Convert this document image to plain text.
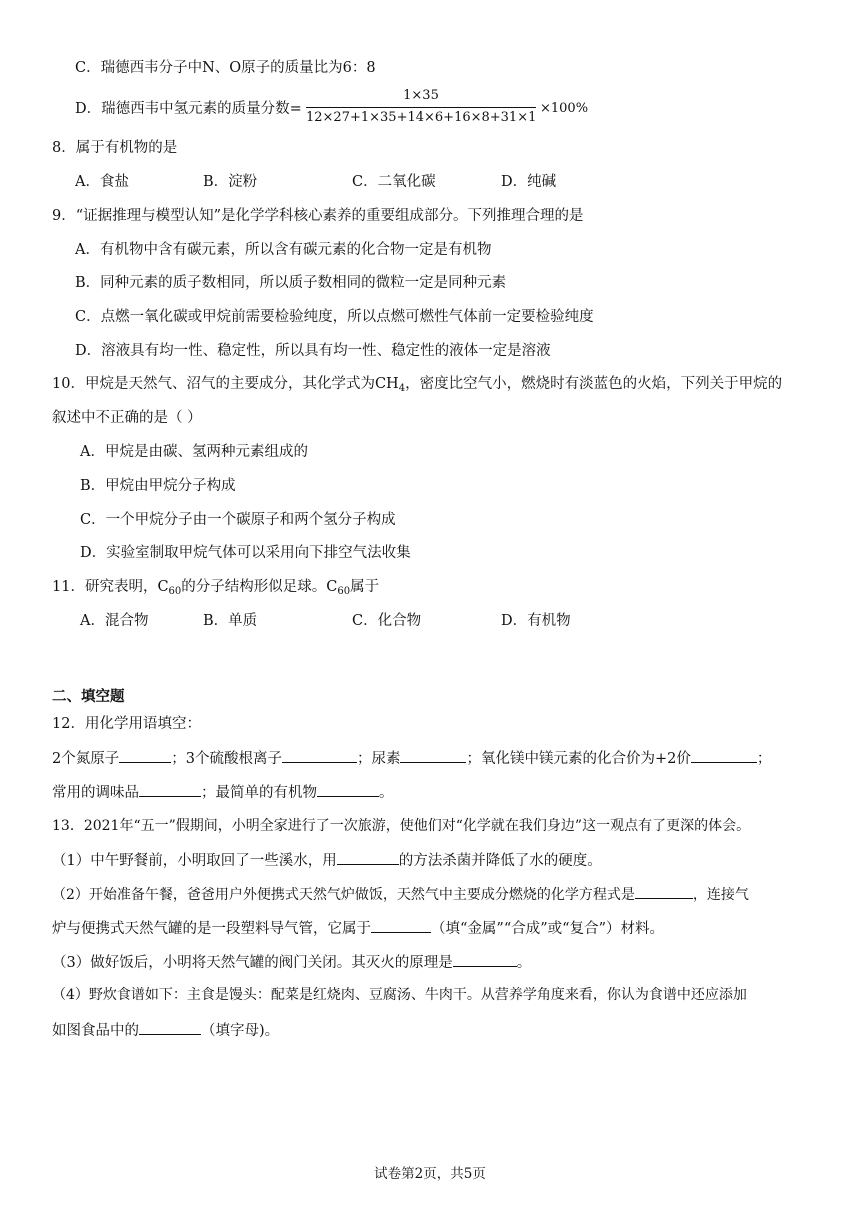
C．瑞德西韦分子中N、O原子的质量比为6：8
D．瑞德西韦中氢元素的质量分数=
1×35
12×27+1×35+14×6+16×8+31×1
×100%
8．属于有机物的是
A．食盐	B．淀粉	C．二氧化碳	D．纯碱
9．“证据推理与模型认知”是化学学科核心素养的重要组成部分。下列推理合理的是
A．有机物中含有碳元素，所以含有碳元素的化合物一定是有机物
B．同种元素的质子数相同，所以质子数相同的微粒一定是同种元素
C．点燃一氧化碳或甲烷前需要检验纯度，所以点燃可燃性气体前一定要检验纯度
D．溶液具有均一性、稳定性，所以具有均一性、稳定性的液体一定是溶液
10．甲烷是天然气、沼气的主要成分，其化学式为$CH_4$，密度比空气小，燃烧时有淡蓝色的火焰，下列关于甲烷的
叙述中不正确的是（ ）
A．甲烷是由碳、氢两种元素组成的
B．甲烷由甲烷分子构成
C．一个甲烷分子由一个碳原子和两个氢分子构成
D．实验室制取甲烷气体可以采用向下排空气法收集
11．研究表明，$C_{60}$的分子结构形似足球。$C_{60}$属于
A．混合物	B．单质	C．化合物	D．有机物
二、填空题
12．用化学用语填空：
2个氮原子	；3个硫酸根离子	；尿素	；氧化镁中镁元素的化合价为+2价	；
常用的调味品	；最简单的有机物	。
13．2021年“五一”假期间，小明全家进行了一次旅游，使他们对“化学就在我们身边”这一观点有了更深的体会。
（1）中午野餐前，小明取回了一些溪水，用	的方法杀菌并降低了水的硬度。
（2）开始准备午餐，爸爸用户外便携式天然气炉做饭，天然气中主要成分燃烧的化学方程式是	，连接气
炉与便携式天然气罐的是一段塑料导气管，它属于	（填“金属”“合成”或“复合”）材料。
（3）做好饭后，小明将天然气罐的阀门关闭。其灭火的原理是	。
（4）野炊食谱如下：主食是馒头：配菜是红烧肉、豆腐汤、牛肉干。从营养学角度来看，你认为食谱中还应添加
如图食品中的	（填字母)。
试卷第2页，共5页
